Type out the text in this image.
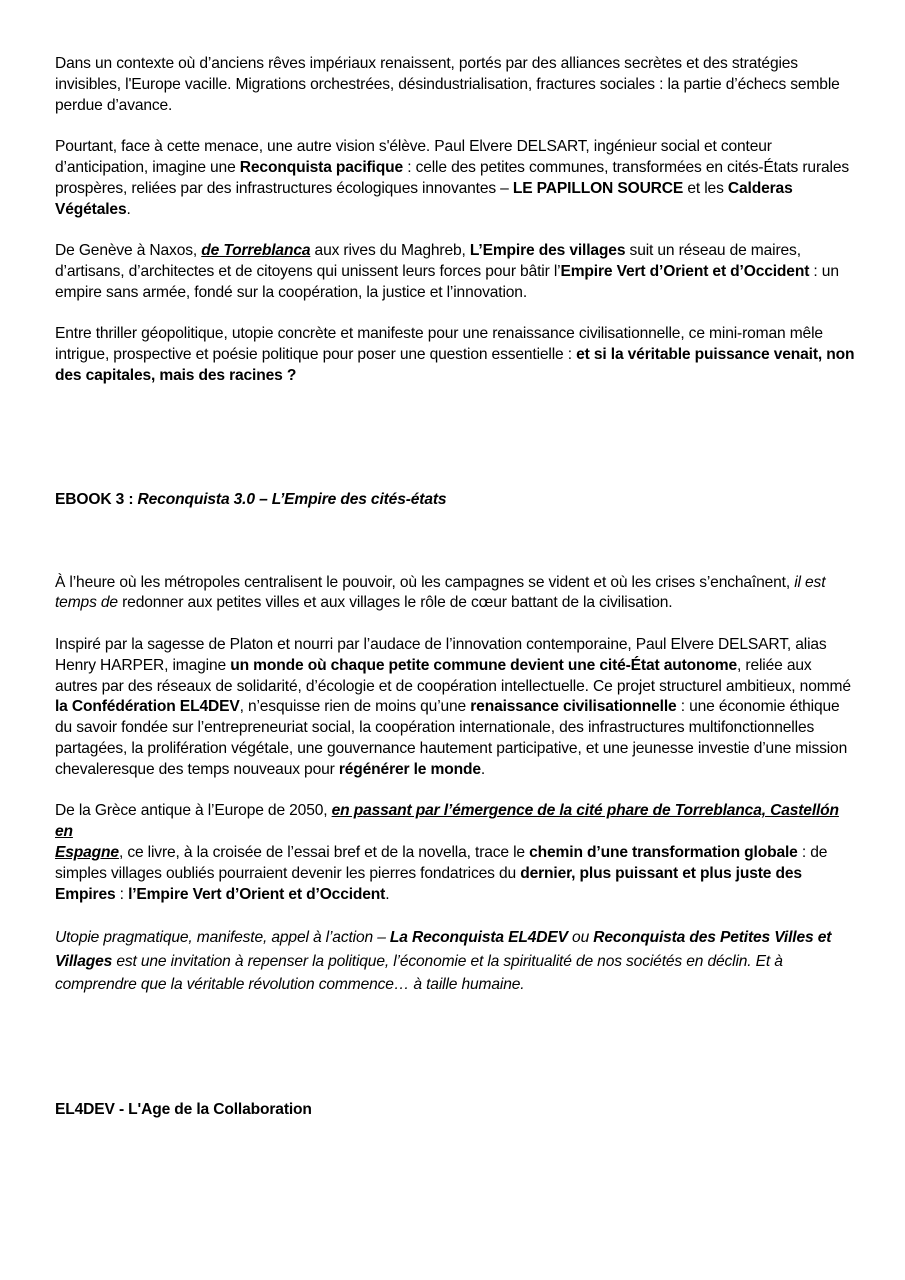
Dans un contexte où d’anciens rêves impériaux renaissent, portés par des alliances secrètes et des stratégies invisibles, l'Europe vacille. Migrations orchestrées, désindustrialisation, fractures sociales : la partie d’échecs semble perdue d’avance.

Pourtant, face à cette menace, une autre vision s'élève. Paul Elvere DELSART, ingénieur social et conteur d’anticipation, imagine une Reconquista pacifique : celle des petites communes, transformées en cités-États rurales prospères, reliées par des infrastructures écologiques innovantes – LE PAPILLON SOURCE et les Calderas Végétales.

De Genève à Naxos, de Torreblanca aux rives du Maghreb, L’Empire des villages suit un réseau de maires, d’artisans, d’architectes et de citoyens qui unissent leurs forces pour bâtir l’Empire Vert d’Orient et d’Occident : un empire sans armée, fondé sur la coopération, la justice et l’innovation.

Entre thriller géopolitique, utopie concrète et manifeste pour une renaissance civilisationnelle, ce mini-roman mêle intrigue, prospective et poésie politique pour poser une question essentielle : et si la véritable puissance venait, non des capitales, mais des racines ?

EBOOK 3 : Reconquista 3.0 – L’Empire des cités-états

À l’heure où les métropoles centralisent le pouvoir, où les campagnes se vident et où les crises s’enchaînent, il est temps de redonner aux petites villes et aux villages le rôle de cœur battant de la civilisation.

Inspiré par la sagesse de Platon et nourri par l’audace de l’innovation contemporaine, Paul Elvere DELSART, alias Henry HARPER, imagine un monde où chaque petite commune devient une cité-État autonome, reliée aux autres par des réseaux de solidarité, d’écologie et de coopération intellectuelle. Ce projet structurel ambitieux, nommé la Confédération EL4DEV, n’esquisse rien de moins qu’une renaissance civilisationnelle : une économie éthique du savoir fondée sur l’entrepreneuriat social, la coopération internationale, des infrastructures multifonctionnelles partagées, la prolifération végétale, une gouvernance hautement participative, et une jeunesse investie d’une mission chevaleresque des temps nouveaux pour régénérer le monde.

De la Grèce antique à l’Europe de 2050, en passant par l’émergence de la cité phare de Torreblanca, Castellón en
Espagne, ce livre, à la croisée de l’essai bref et de la novella, trace le chemin d’une transformation globale : de simples villages oubliés pourraient devenir les pierres fondatrices du dernier, plus puissant et plus juste des Empires : l’Empire Vert d’Orient et d’Occident.

Utopie pragmatique, manifeste, appel à l’action – La Reconquista EL4DEV ou Reconquista des Petites Villes et Villages est une invitation à repenser la politique, l’économie et la spiritualité de nos sociétés en déclin. Et à comprendre que la véritable révolution commence… à taille humaine.

EL4DEV - L'Age de la Collaboration
